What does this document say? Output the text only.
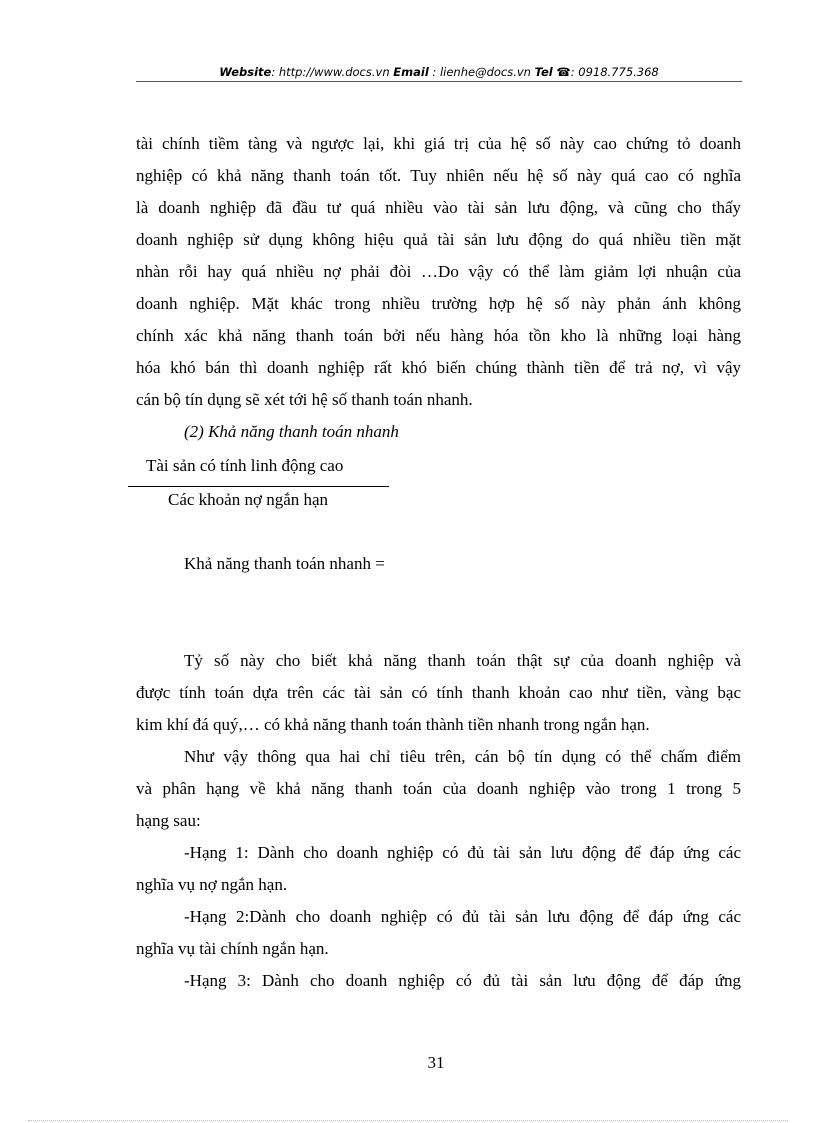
Website: http://www.docs.vn Email : lienhe@docs.vn Tel ☎: 0918.775.368
tài chính tiềm tàng và ngược lại, khi giá trị của hệ số này cao chứng tỏ doanh
nghiệp có khả năng thanh toán tốt. Tuy nhiên nếu hệ số này quá cao có nghĩa
là doanh nghiệp đã đầu tư quá nhiều vào tài sản lưu động, và cũng cho thấy
doanh nghiệp sử dụng không hiệu quả tài sản lưu động do quá nhiều tiền mặt
nhàn rỗi hay quá nhiều nợ phải đòi …Do vậy có thể làm giảm lợi nhuận của
doanh nghiệp. Mặt khác trong nhiều trường hợp hệ số này phản ánh không
chính xác khả năng thanh toán bởi nếu hàng hóa tồn kho là những loại hàng
hóa khó bán thì doanh nghiệp rất khó biến chúng thành tiền để trả nợ, vì vậy
cán bộ tín dụng sẽ xét tới hệ số thanh toán nhanh.
(2) Khả năng thanh toán nhanh
Tài sản có tính linh động cao
Các khoản nợ ngắn hạn
Khả năng thanh toán nhanh =
Tỷ số này cho biết khả năng thanh toán thật sự của doanh nghiệp và
được tính toán dựa trên các tài sản có tính thanh khoản cao như tiền, vàng bạc
kim khí đá quý,… có khả năng thanh toán thành tiền nhanh trong ngắn hạn.
Như vậy thông qua hai chỉ tiêu trên, cán bộ tín dụng có thể chấm điểm
và phân hạng về khả năng thanh toán của doanh nghiệp vào trong 1 trong 5
hạng sau:
-Hạng 1: Dành cho doanh nghiệp có đủ tài sản lưu động để đáp ứng các
nghĩa vụ nợ ngắn hạn.
-Hạng 2:Dành cho doanh nghiệp có đủ tài sản lưu động để đáp ứng các
nghĩa vụ tài chính ngắn hạn.
-Hạng 3: Dành cho doanh nghiệp có đủ tài sản lưu động để đáp ứng
31
